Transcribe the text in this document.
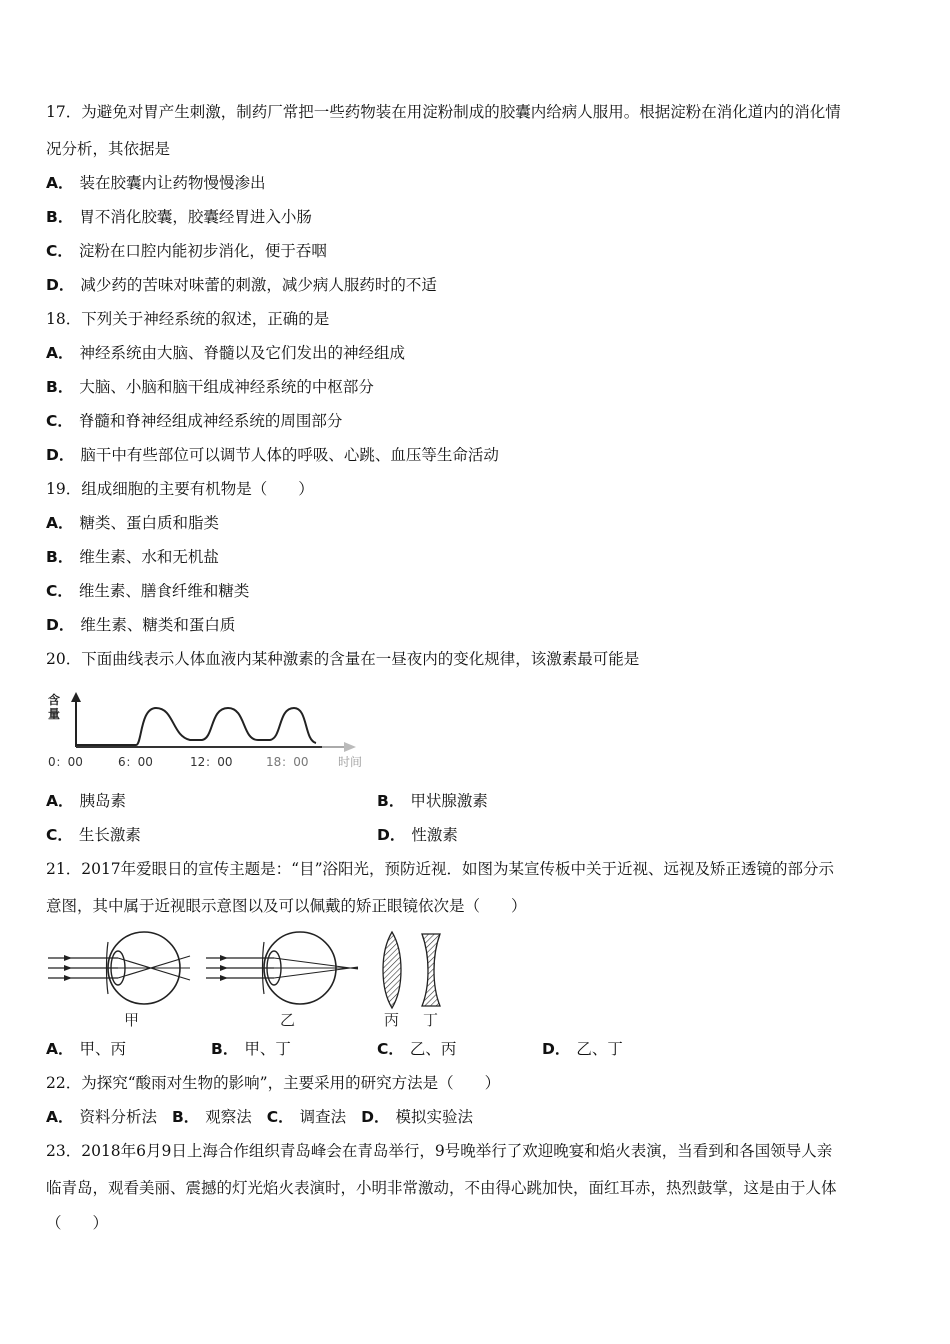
17．为避免对胃产生刺激，制药厂常把一些药物装在用淀粉制成的胶囊内给病人服用。根据淀粉在消化道内的消化情
况分析，其依据是
A． 装在胶囊内让药物慢慢渗出
B． 胃不消化胶囊，胶囊经胃进入小肠
C． 淀粉在口腔内能初步消化，便于吞咽
D． 减少药的苦味对味蕾的刺激，减少病人服药时的不适
18．下列关于神经系统的叙述，正确的是
A． 神经系统由大脑、脊髓以及它们发出的神经组成
B． 大脑、小脑和脑干组成神经系统的中枢部分
C． 脊髓和脊神经组成神经系统的周围部分
D． 脑干中有些部位可以调节人体的呼吸、心跳、血压等生命活动
19．组成细胞的主要有机物是（　　）
A． 糖类、蛋白质和脂类
B． 维生素、水和无机盐
C． 维生素、膳食纤维和糖类
D． 维生素、糖类和蛋白质
20．下面曲线表示人体血液内某种激素的含量在一昼夜内的变化规律，该激素最可能是
含
量
0：00	6：00	12：00	18：00 时间
A． 胰岛素	B． 甲状腺激素
C． 生长激素	D． 性激素
21．2017年爱眼日的宣传主题是：“目”浴阳光，预防近视．如图为某宣传板中关于近视、远视及矫正透镜的部分示
意图，其中属于近视眼示意图以及可以佩戴的矫正眼镜依次是（　　）
甲	乙	丙 丁
A． 甲、丙	B． 甲、丁	C． 乙、丙	D． 乙、丁
22．为探究“酸雨对生物的影响”，主要采用的研究方法是（　　）
A． 资料分析法 B． 观察法 C． 调查法 D． 模拟实验法
23．2018年6月9日上海合作组织青岛峰会在青岛举行，9号晚举行了欢迎晚宴和焰火表演，当看到和各国领导人亲
临青岛，观看美丽、震撼的灯光焰火表演时，小明非常激动，不由得心跳加快，面红耳赤，热烈鼓掌，这是由于人体
（　　）
